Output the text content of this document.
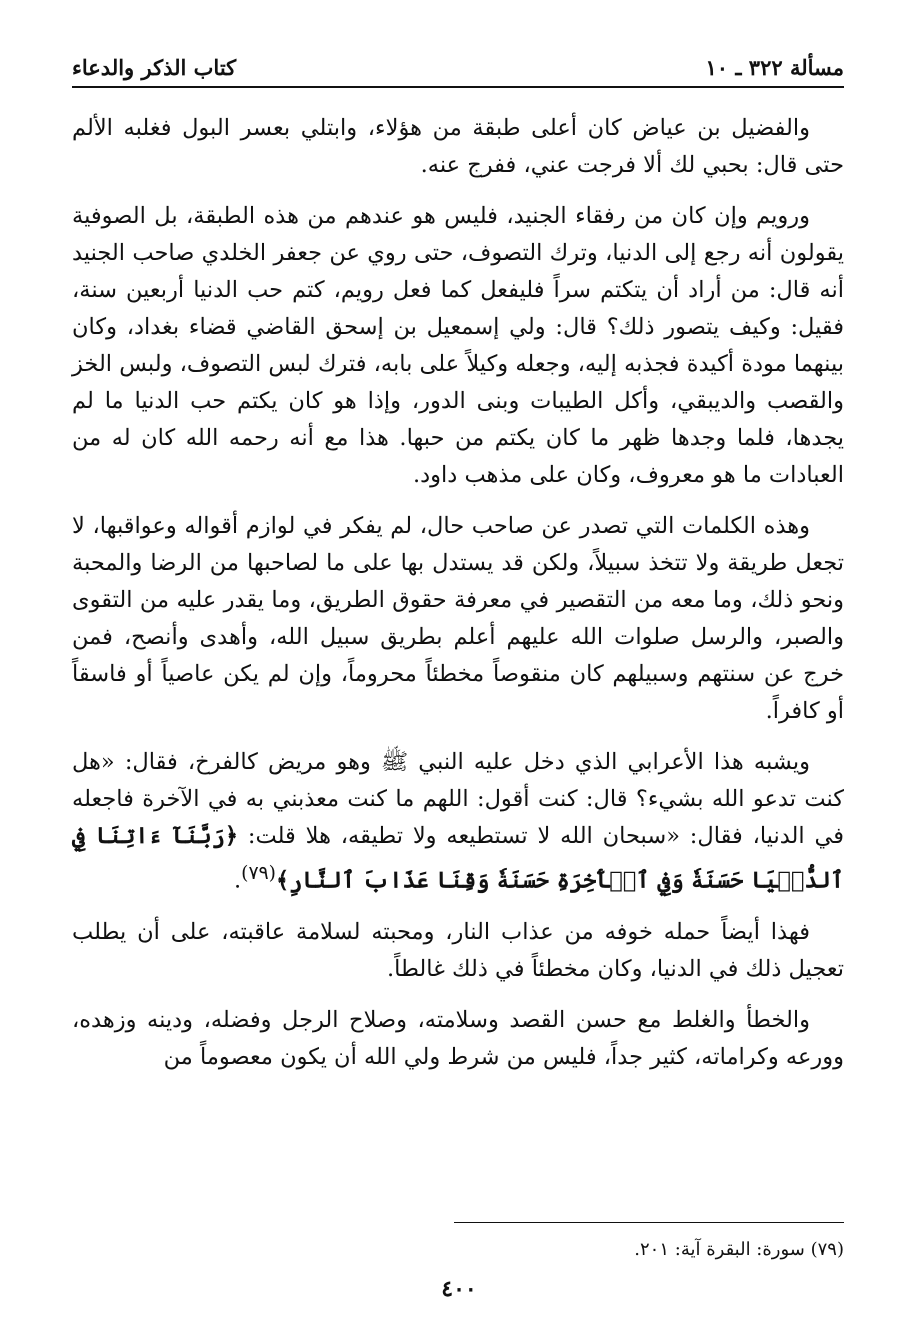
مسألة ٣٢٢ ـ ١٠
كتاب الذكر والدعاء

والفضيل بن عياض كان أعلى طبقة من هؤلاء، وابتلي بعسر البول فغلبه الألم حتى قال: بحبي لك ألا فرجت عني، ففرج عنه.

ورويم وإن كان من رفقاء الجنيد، فليس هو عندهم من هذه الطبقة، بل الصوفية يقولون أنه رجع إلى الدنيا، وترك التصوف، حتى روي عن جعفر الخلدي صاحب الجنيد أنه قال: من أراد أن يتكتم سراً فليفعل كما فعل رويم، كتم حب الدنيا أربعين سنة، فقيل: وكيف يتصور ذلك؟ قال: ولي إسمعيل بن إسحق القاضي قضاء بغداد، وكان بينهما مودة أكيدة فجذبه إليه، وجعله وكيلاً على بابه، فترك لبس التصوف، ولبس الخز والقصب والديبقي، وأكل الطيبات وبنى الدور، وإذا هو كان يكتم حب الدنيا ما لم يجدها، فلما وجدها ظهر ما كان يكتم من حبها. هذا مع أنه رحمه الله كان له من العبادات ما هو معروف، وكان على مذهب داود.

وهذه الكلمات التي تصدر عن صاحب حال، لم يفكر في لوازم أقواله وعواقبها، لا تجعل طريقة ولا تتخذ سبيلاً، ولكن قد يستدل بها على ما لصاحبها من الرضا والمحبة ونحو ذلك، وما معه من التقصير في معرفة حقوق الطريق، وما يقدر عليه من التقوى والصبر، والرسل صلوات الله عليهم أعلم بطريق سبيل الله، وأهدى وأنصح، فمن خرج عن سنتهم وسبيلهم كان منقوصاً مخطئاً محروماً، وإن لم يكن عاصياً أو فاسقاً أو كافراً.

ويشبه هذا الأعرابي الذي دخل عليه النبي ﷺ وهو مريض كالفرخ، فقال: «هل كنت تدعو الله بشيء؟ قال: كنت أقول: اللهم ما كنت معذبني به في الآخرة فاجعله في الدنيا، فقال: «سبحان الله لا تستطيعه ولا تطيقه، هلا قلت: ﴿رَبَّنَآ ءَاتِنَا فِي ٱلدُّنۡيَا حَسَنَةٗ وَفِي ٱلۡأٓخِرَةِ حَسَنَةٗ وَقِنَا عَذَابَ ٱلنَّارِ﴾$^{(٧٩)}$.

فهذا أيضاً حمله خوفه من عذاب النار، ومحبته لسلامة عاقبته، على أن يطلب تعجيل ذلك في الدنيا، وكان مخطئاً في ذلك غالطاً.

والخطأ والغلط مع حسن القصد وسلامته، وصلاح الرجل وفضله، ودينه وزهده، وورعه وكراماته، كثير جداً، فليس من شرط ولي الله أن يكون معصوماً من

(٧٩) سورة: البقرة آية: ٢٠١.
٤٠٠
